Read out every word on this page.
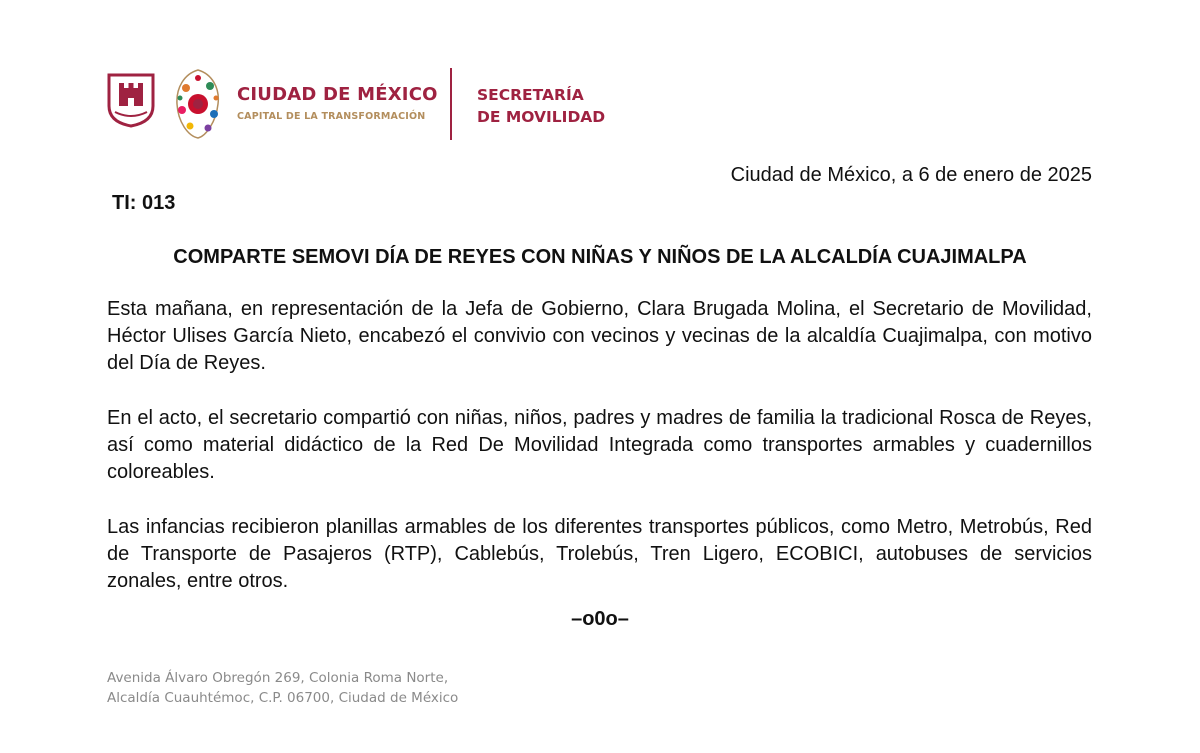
CIUDAD DE MÉXICO
CAPITAL DE LA TRANSFORMACIÓN
SECRETARÍA
DE MOVILIDAD
Ciudad de México, a 6 de enero de 2025
TI: 013
COMPARTE SEMOVI DÍA DE REYES CON NIÑAS Y NIÑOS DE LA ALCALDÍA CUAJIMALPA

Esta mañana, en representación de la Jefa de Gobierno, Clara Brugada Molina, el Secretario de Movilidad, Héctor Ulises García Nieto, encabezó el convivio con vecinos y vecinas de la alcaldía Cuajimalpa, con motivo del Día de Reyes.

En el acto, el secretario compartió con niñas, niños, padres y madres de familia la tradicional Rosca de Reyes, así como material didáctico de la Red De Movilidad Integrada como transportes armables y cuadernillos coloreables.

Las infancias recibieron planillas armables de los diferentes transportes públicos, como Metro, Metrobús, Red de Transporte de Pasajeros (RTP), Cablebús, Trolebús, Tren Ligero, ECOBICI, autobuses de servicios zonales, entre otros.

–o0o–
Avenida Álvaro Obregón 269, Colonia Roma Norte,
Alcaldía Cuauhtémoc, C.P. 06700, Ciudad de México
